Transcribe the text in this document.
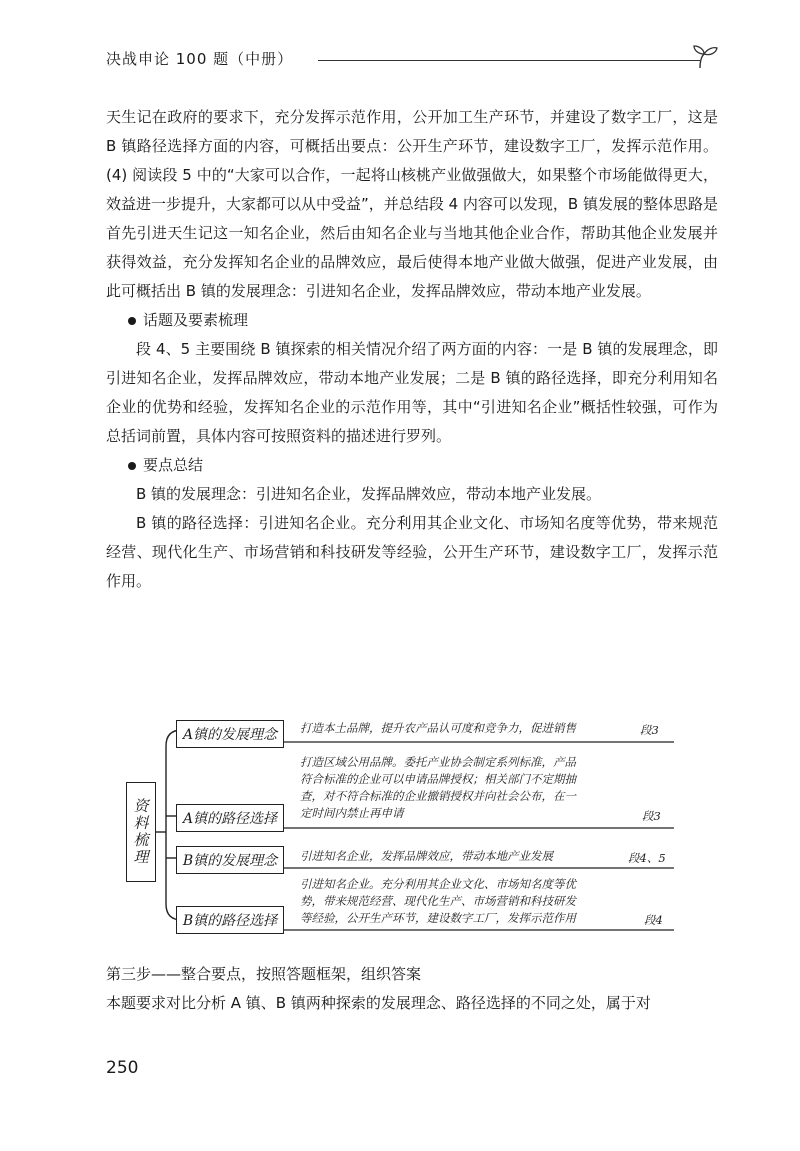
决战申论 100 题（中册）

天生记在政府的要求下，充分发挥示范作用，公开加工生产环节，并建设了数字工厂，这是 B 镇路径选择方面的内容，可概括出要点：公开生产环节，建设数字工厂，发挥示范作用。(4) 阅读段 5 中的“大家可以合作，一起将山核桃产业做强做大，如果整个市场能做得更大，效益进一步提升，大家都可以从中受益”，并总结段 4 内容可以发现，B 镇发展的整体思路是首先引进天生记这一知名企业，然后由知名企业与当地其他企业合作，帮助其他企业发展并获得效益，充分发挥知名企业的品牌效应，最后使得本地产业做大做强，促进产业发展，由此可概括出 B 镇的发展理念：引进知名企业，发挥品牌效应，带动本地产业发展。

话题及要素梳理

段 4、5 主要围绕 B 镇探索的相关情况介绍了两方面的内容：一是 B 镇的发展理念，即引进知名企业，发挥品牌效应，带动本地产业发展；二是 B 镇的路径选择，即充分利用知名企业的优势和经验，发挥知名企业的示范作用等，其中“引进知名企业”概括性较强，可作为总括词前置，具体内容可按照资料的描述进行罗列。

要点总结

B 镇的发展理念：引进知名企业，发挥品牌效应，带动本地产业发展。

B 镇的路径选择：引进知名企业。充分利用其企业文化、市场知名度等优势，带来规范经营、现代化生产、市场营销和科技研发等经验，公开生产环节，建设数字工厂，发挥示范作用。

资料梳理
A镇的发展理念	打造本土品牌，提升农产品认可度和竞争力，促进销售	段3
A镇的路径选择
打造区域公用品牌。委托产业协会制定系列标准，产品
符合标准的企业可以申请品牌授权；相关部门不定期抽
查，对不符合标准的企业撤销授权并向社会公布，在一
定时间内禁止再申请	段3
B镇的发展理念	引进知名企业，发挥品牌效应，带动本地产业发展	段4、5
B镇的路径选择
引进知名企业。充分利用其企业文化、市场知名度等优
势，带来规范经营、现代化生产、市场营销和科技研发
等经验，公开生产环节，建设数字工厂，发挥示范作用	段4

第三步——整合要点，按照答题框架，组织答案

本题要求对比分析 A 镇、B 镇两种探索的发展理念、路径选择的不同之处，属于对

250
